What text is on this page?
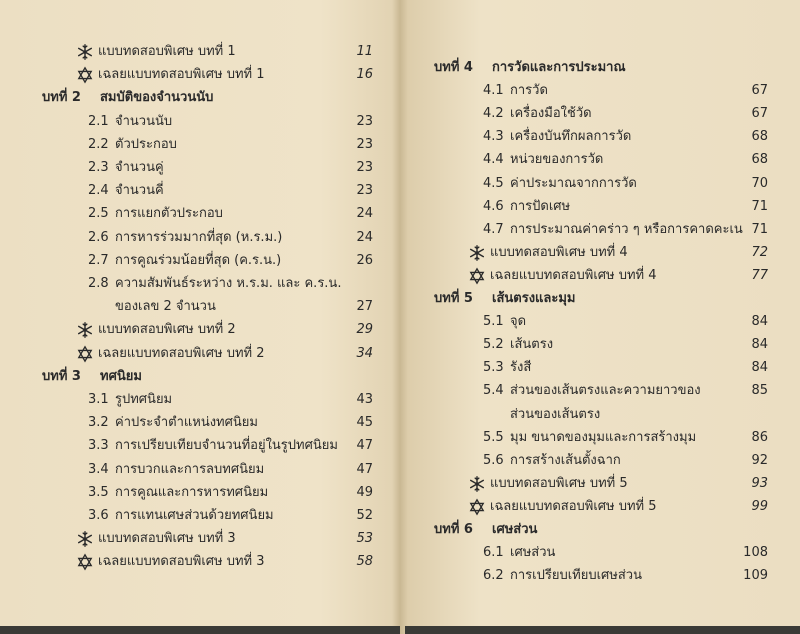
แบบทดสอบพิเศษ บทที่ 1	11
เฉลยแบบทดสอบพิเศษ บทที่ 1	16
บทที่ 2 สมบัติของจำนวนนับ
2.1 จำนวนนับ	23
2.2 ตัวประกอบ	23
2.3 จำนวนคู่	23
2.4 จำนวนคี่	23
2.5 การแยกตัวประกอบ	24
2.6 การหารร่วมมากที่สุด (ห.ร.ม.)	24
2.7 การคูณร่วมน้อยที่สุด (ค.ร.น.)	26
2.8 ความสัมพันธ์ระหว่าง ห.ร.ม. และ ค.ร.น.
ของเลข 2 จำนวน	27
แบบทดสอบพิเศษ บทที่ 2	29
เฉลยแบบทดสอบพิเศษ บทที่ 2	34
บทที่ 3 ทศนิยม
3.1 รูปทศนิยม	43
3.2 ค่าประจำตำแหน่งทศนิยม	45
3.3 การเปรียบเทียบจำนวนที่อยู่ในรูปทศนิยม	47
3.4 การบวกและการลบทศนิยม	47
3.5 การคูณและการหารทศนิยม	49
3.6 การแทนเศษส่วนด้วยทศนิยม	52
แบบทดสอบพิเศษ บทที่ 3	53
เฉลยแบบทดสอบพิเศษ บทที่ 3	58
บทที่ 4 การวัดและการประมาณ
4.1 การวัด	67
4.2 เครื่องมือใช้วัด	67
4.3 เครื่องบันทึกผลการวัด	68
4.4 หน่วยของการวัด	68
4.5 ค่าประมาณจากการวัด	70
4.6 การปัดเศษ	71
4.7 การประมาณค่าคร่าว ๆ หรือการคาดคะเน 71
แบบทดสอบพิเศษ บทที่ 4	72
เฉลยแบบทดสอบพิเศษ บทที่ 4	77
บทที่ 5 เส้นตรงและมุม
5.1 จุด	84
5.2 เส้นตรง	84
5.3 รังสี	84
5.4 ส่วนของเส้นตรงและความยาวของ	85
ส่วนของเส้นตรง
5.5 มุม ขนาดของมุมและการสร้างมุม	86
5.6 การสร้างเส้นตั้งฉาก	92
แบบทดสอบพิเศษ บทที่ 5	93
เฉลยแบบทดสอบพิเศษ บทที่ 5	99
บทที่ 6 เศษส่วน
6.1 เศษส่วน	108
6.2 การเปรียบเทียบเศษส่วน	109
